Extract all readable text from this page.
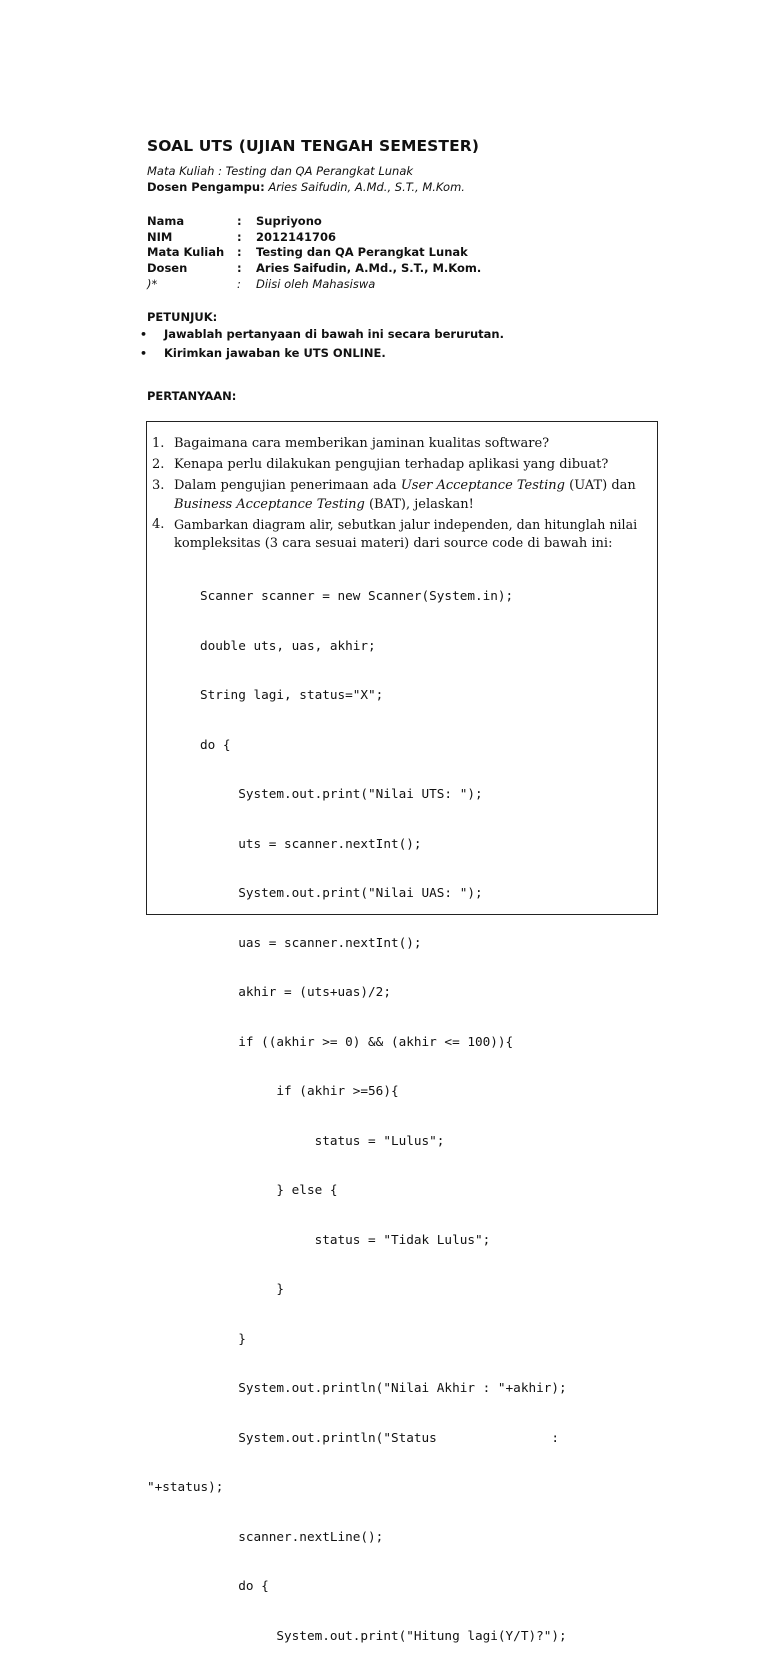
SOAL UTS (UJIAN TENGAH SEMESTER)
Mata Kuliah : Testing dan QA Perangkat Lunak
Dosen Pengampu: Aries Saifudin, A.Md., S.T., M.Kom.
Nama	:	Supriyono
NIM	:	2012141706
Mata Kuliah	:	Testing dan QA Perangkat Lunak
Dosen	:	Aries Saifudin, A.Md., S.T., M.Kom.
)*	:	Diisi oleh Mahasiswa
PETUNJUK:
•	Jawablah pertanyaan di bawah ini secara berurutan.
•	Kirimkan jawaban ke UTS ONLINE.
PERTANYAAN:
1. Bagaimana cara memberikan jaminan kualitas software?
2. Kenapa perlu dilakukan pengujian terhadap aplikasi yang dibuat?
3. Dalam pengujian penerimaan ada User Acceptance Testing (UAT) dan
Business Acceptance Testing (BAT), jelaskan!
4. Gambarkan diagram alir, sebutkan jalur independen, dan hitunglah nilai
kompleksitas (3 cara sesuai materi) dari source code di bawah ini:

Scanner scanner = new Scanner(System.in);

double uts, uas, akhir;

String lagi, status="X";

do {

System.out.print("Nilai UTS: ");

uts = scanner.nextInt();

System.out.print("Nilai UAS: ");

uas = scanner.nextInt();

akhir = (uts+uas)/2;

if ((akhir >= 0) && (akhir <= 100)){

if (akhir >=56){

status = "Lulus";

} else {

status = "Tidak Lulus";

}

}

System.out.println("Nilai Akhir : "+akhir);

System.out.println("Status               :

"+status);

scanner.nextLine();

do {

System.out.print("Hitung lagi(Y/T)?");
